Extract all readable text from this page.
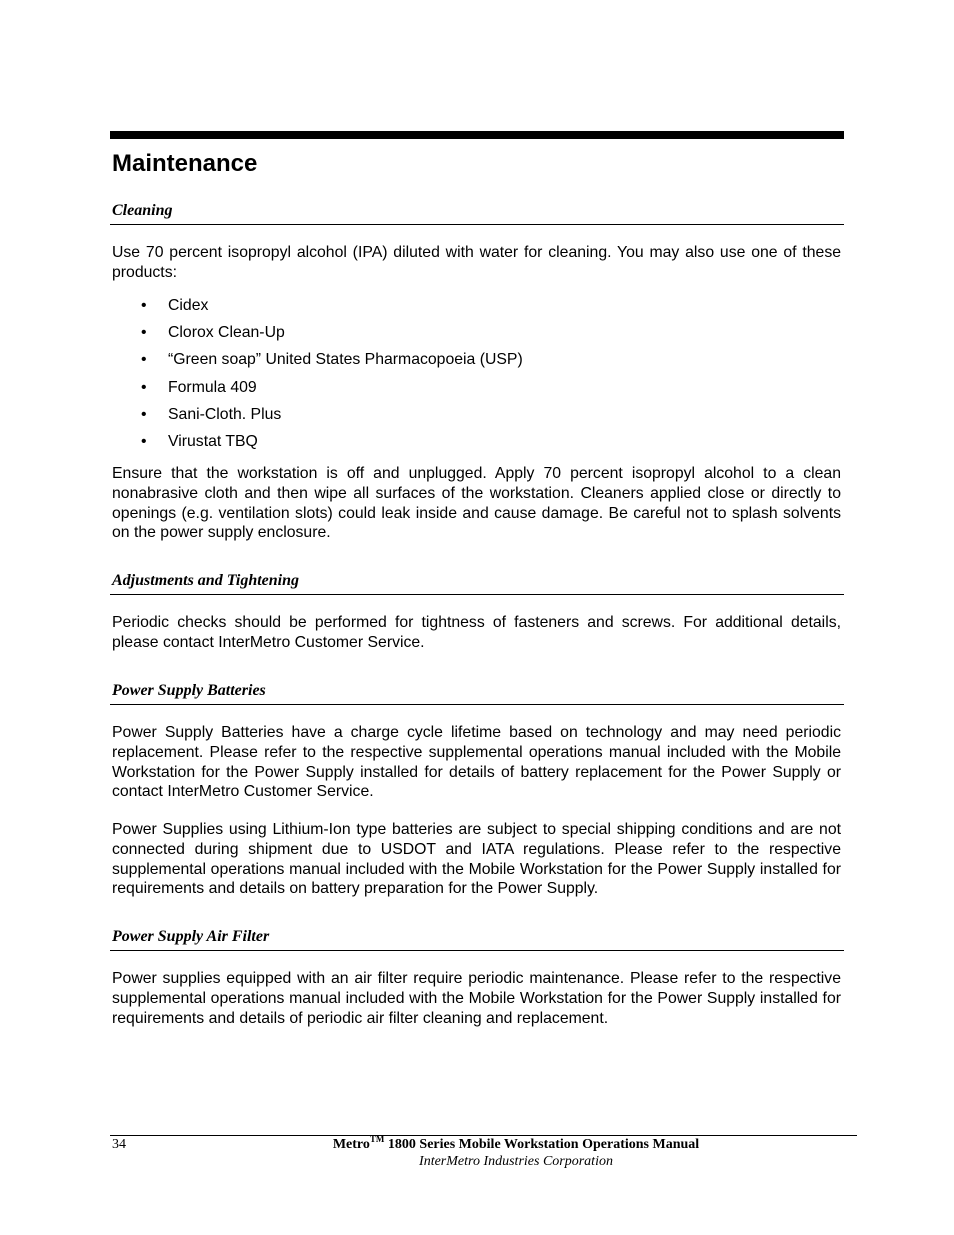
Maintenance
Cleaning

Use 70 percent isopropyl alcohol (IPA) diluted with water for cleaning. You may also use one of these products:

• Cidex
• Clorox Clean-Up
• “Green soap” United States Pharmacopoeia (USP)
• Formula 409
• Sani-Cloth. Plus
• Virustat TBQ

Ensure that the workstation is off and unplugged. Apply 70 percent isopropyl alcohol to a clean nonabrasive cloth and then wipe all surfaces of the workstation. Cleaners applied close or directly to openings (e.g. ventilation slots) could leak inside and cause damage. Be careful not to splash solvents on the power supply enclosure.

Adjustments and Tightening

Periodic checks should be performed for tightness of fasteners and screws. For additional details, please contact InterMetro Customer Service.

Power Supply Batteries

Power Supply Batteries have a charge cycle lifetime based on technology and may need periodic replacement. Please refer to the respective supplemental operations manual included with the Mobile Workstation for the Power Supply installed for details of battery replacement for the Power Supply or contact InterMetro Customer Service.

Power Supplies using Lithium-Ion type batteries are subject to special shipping conditions and are not connected during shipment due to USDOT and IATA regulations. Please refer to the respective supplemental operations manual included with the Mobile Workstation for the Power Supply installed for requirements and details on battery preparation for the Power Supply.

Power Supply Air Filter

Power supplies equipped with an air filter require periodic maintenance. Please refer to the respective supplemental operations manual included with the Mobile Workstation for the Power Supply installed for requirements and details of periodic air filter cleaning and replacement.

34	Metro™ 1800 Series Mobile Workstation Operations Manual
InterMetro Industries Corporation
